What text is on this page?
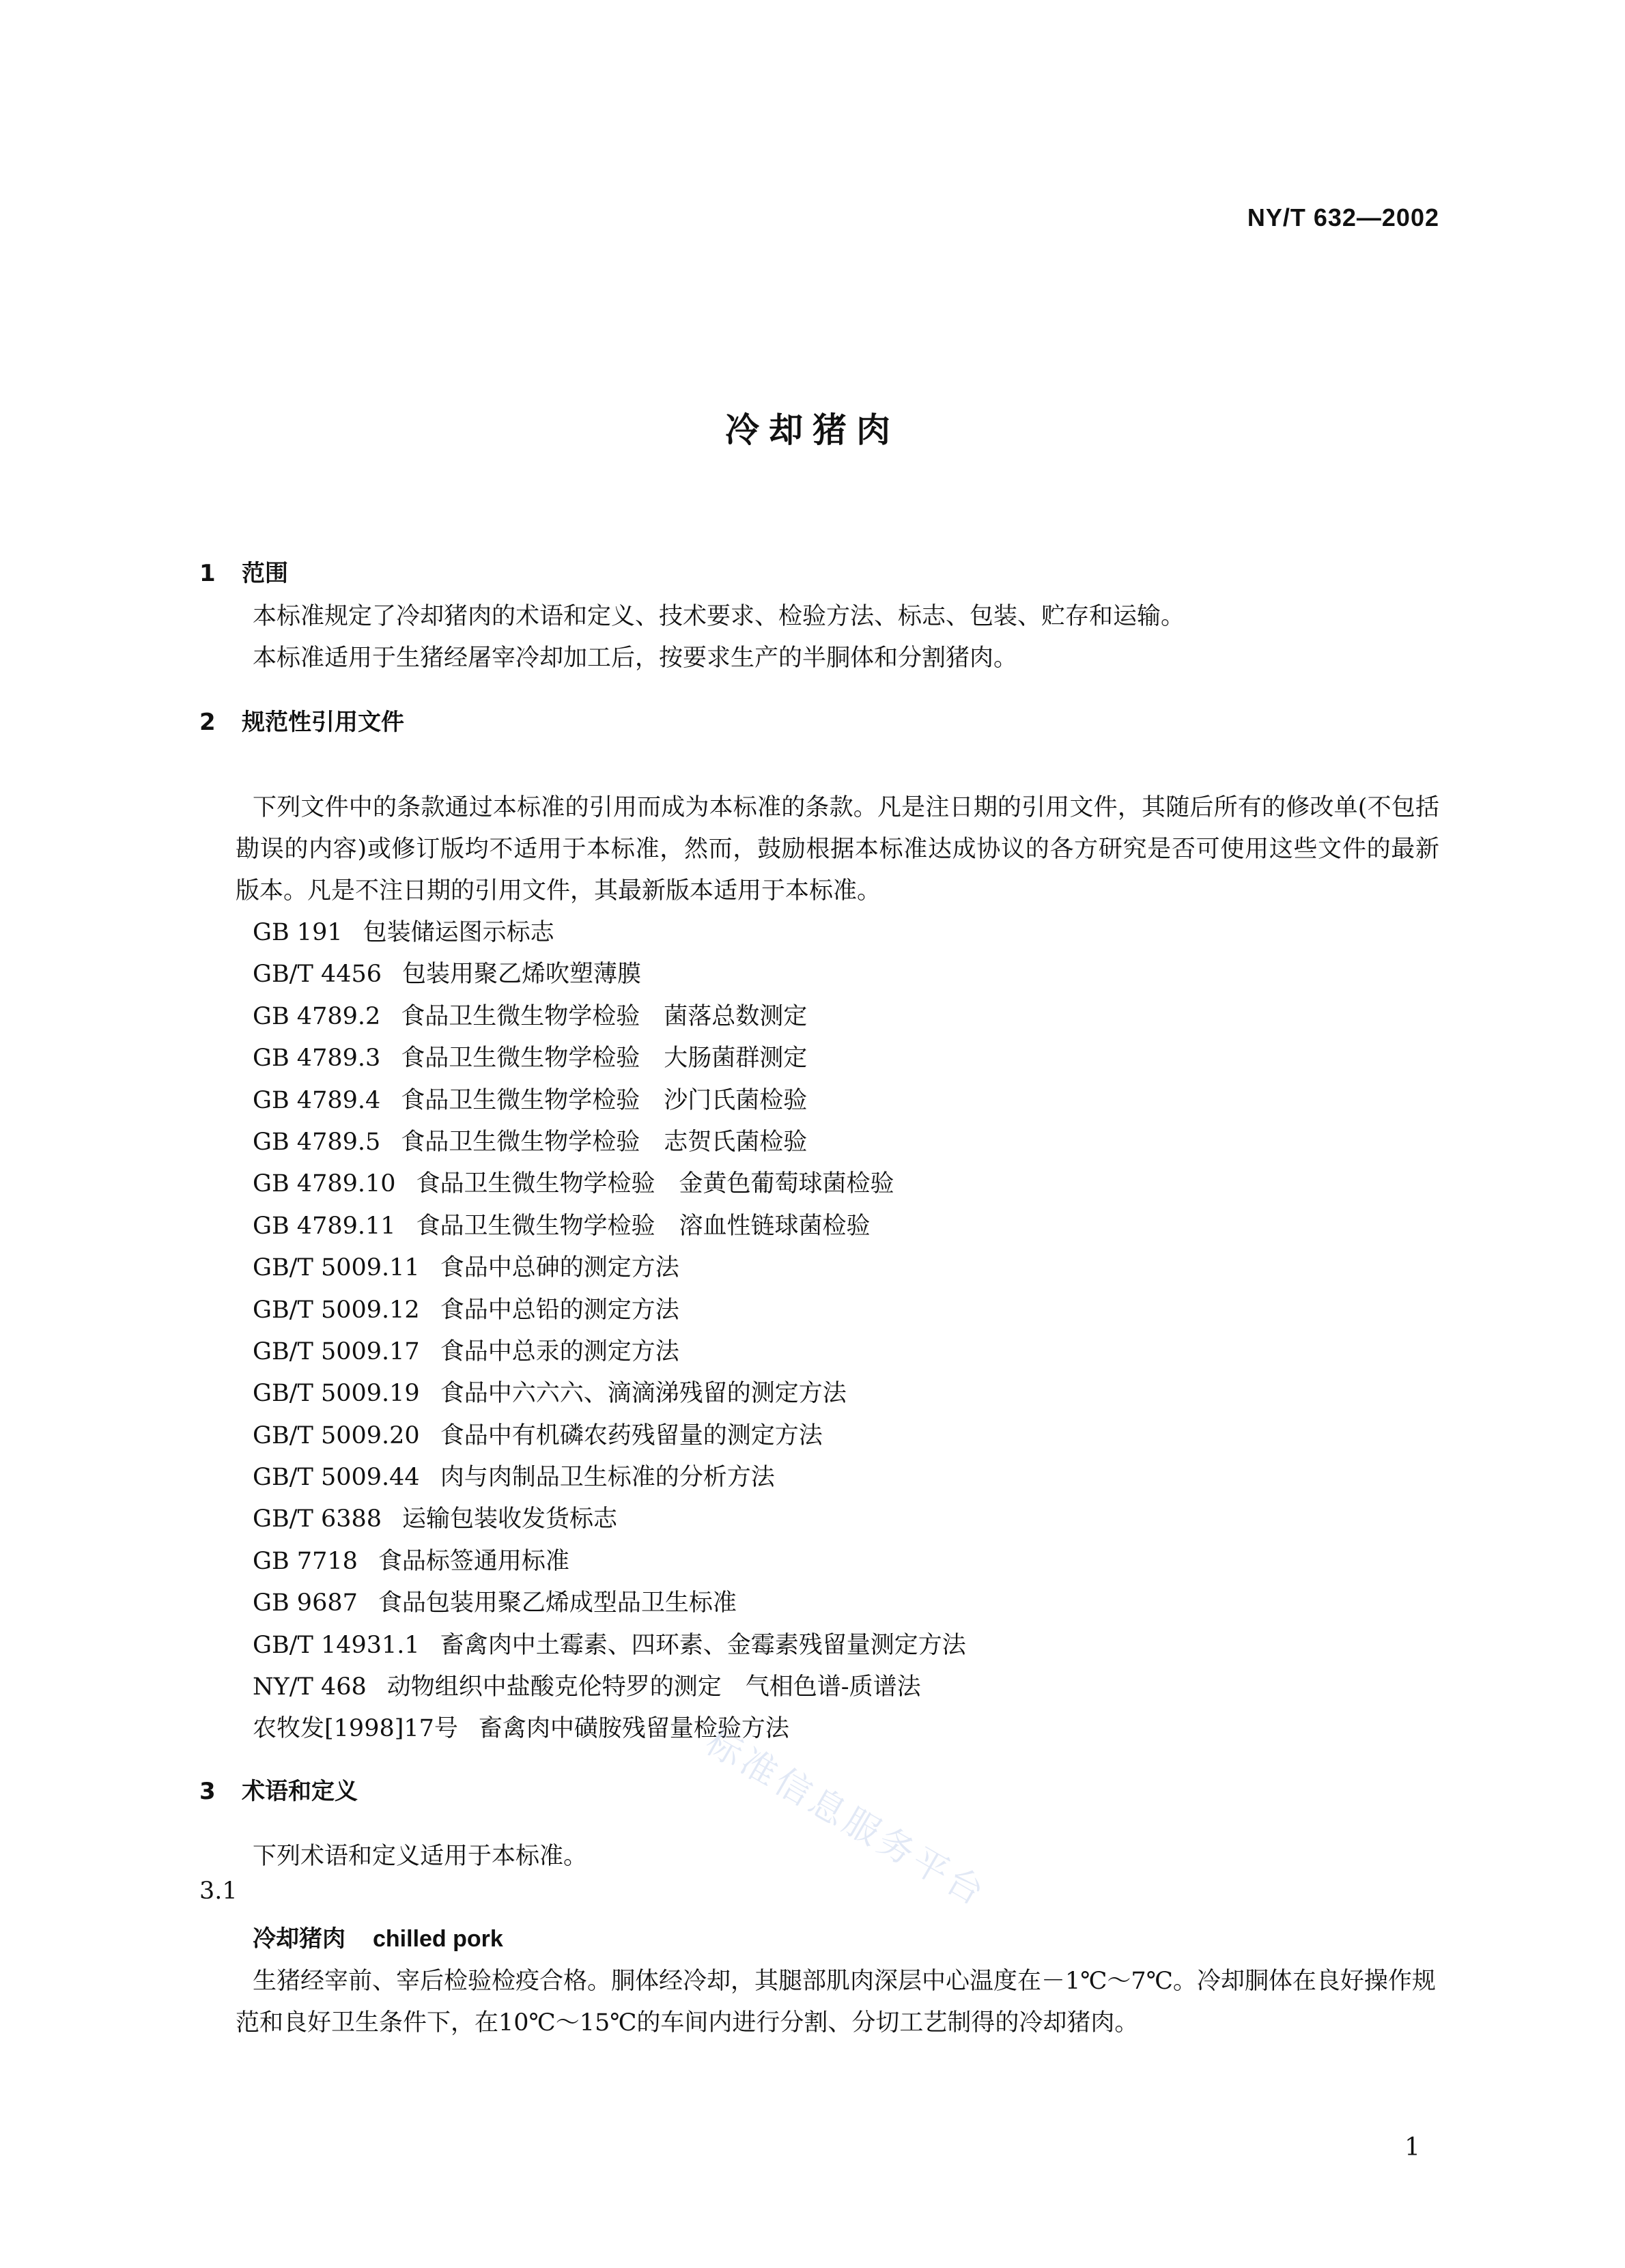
NY/T 632—2002
冷却猪肉
1 范围
本标准规定了冷却猪肉的术语和定义、技术要求、检验方法、标志、包装、贮存和运输。
本标准适用于生猪经屠宰冷却加工后，按要求生产的半胴体和分割猪肉。
2 规范性引用文件
下列文件中的条款通过本标准的引用而成为本标准的条款。凡是注日期的引用文件，其随后所有的修改单(不包括勘误的内容)或修订版均不适用于本标准，然而，鼓励根据本标准达成协议的各方研究是否可使用这些文件的最新版本。凡是不注日期的引用文件，其最新版本适用于本标准。
GB 191 包装储运图示标志
GB/T 4456 包装用聚乙烯吹塑薄膜
GB 4789.2 食品卫生微生物学检验　菌落总数测定
GB 4789.3 食品卫生微生物学检验　大肠菌群测定
GB 4789.4 食品卫生微生物学检验　沙门氏菌检验
GB 4789.5 食品卫生微生物学检验　志贺氏菌检验
GB 4789.10 食品卫生微生物学检验　金黄色葡萄球菌检验
GB 4789.11 食品卫生微生物学检验　溶血性链球菌检验
GB/T 5009.11 食品中总砷的测定方法
GB/T 5009.12 食品中总铅的测定方法
GB/T 5009.17 食品中总汞的测定方法
GB/T 5009.19 食品中六六六、滴滴涕残留的测定方法
GB/T 5009.20 食品中有机磷农药残留量的测定方法
GB/T 5009.44 肉与肉制品卫生标准的分析方法
GB/T 6388 运输包装收发货标志
GB 7718 食品标签通用标准
GB 9687 食品包装用聚乙烯成型品卫生标准
GB/T 14931.1 畜禽肉中土霉素、四环素、金霉素残留量测定方法
NY/T 468 动物组织中盐酸克伦特罗的测定　气相色谱-质谱法
农牧发[1998]17号 畜禽肉中磺胺残留量检验方法
3 术语和定义
下列术语和定义适用于本标准。
3.1
冷却猪肉 chilled pork
生猪经宰前、宰后检验检疫合格。胴体经冷却，其腿部肌肉深层中心温度在－1℃～7℃。冷却胴体在良好操作规范和良好卫生条件下，在10℃～15℃的车间内进行分割、分切工艺制得的冷却猪肉。
标准信息服务平台
1
